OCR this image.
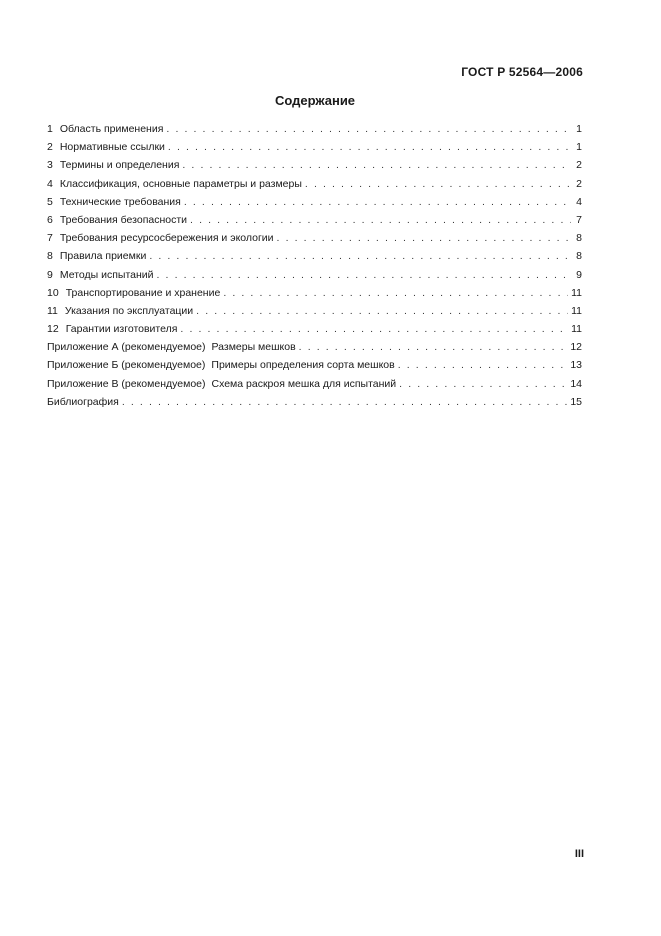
ГОСТ Р 52564—2006
Содержание
1 Область применения . . .	1
2 Нормативные ссылки . . .	1
3 Термины и определения . . .	2
4 Классификация, основные параметры и размеры . . .	2
5 Технические требования . . .	4
6 Требования безопасности . . .	7
7 Требования ресурсосбережения и экологии . . .	8
8 Правила приемки . . .	8
9 Методы испытаний . . .	9
10 Транспортирование и хранение . . .	11
11 Указания по эксплуатации . . .	11
12 Гарантии изготовителя . . .	11
Приложение А (рекомендуемое) Размеры мешков . . .	12
Приложение Б (рекомендуемое) Примеры определения сорта мешков . . .	13
Приложение В (рекомендуемое) Схема раскроя мешка для испытаний . . .	14
Библиография . . .	15
III
